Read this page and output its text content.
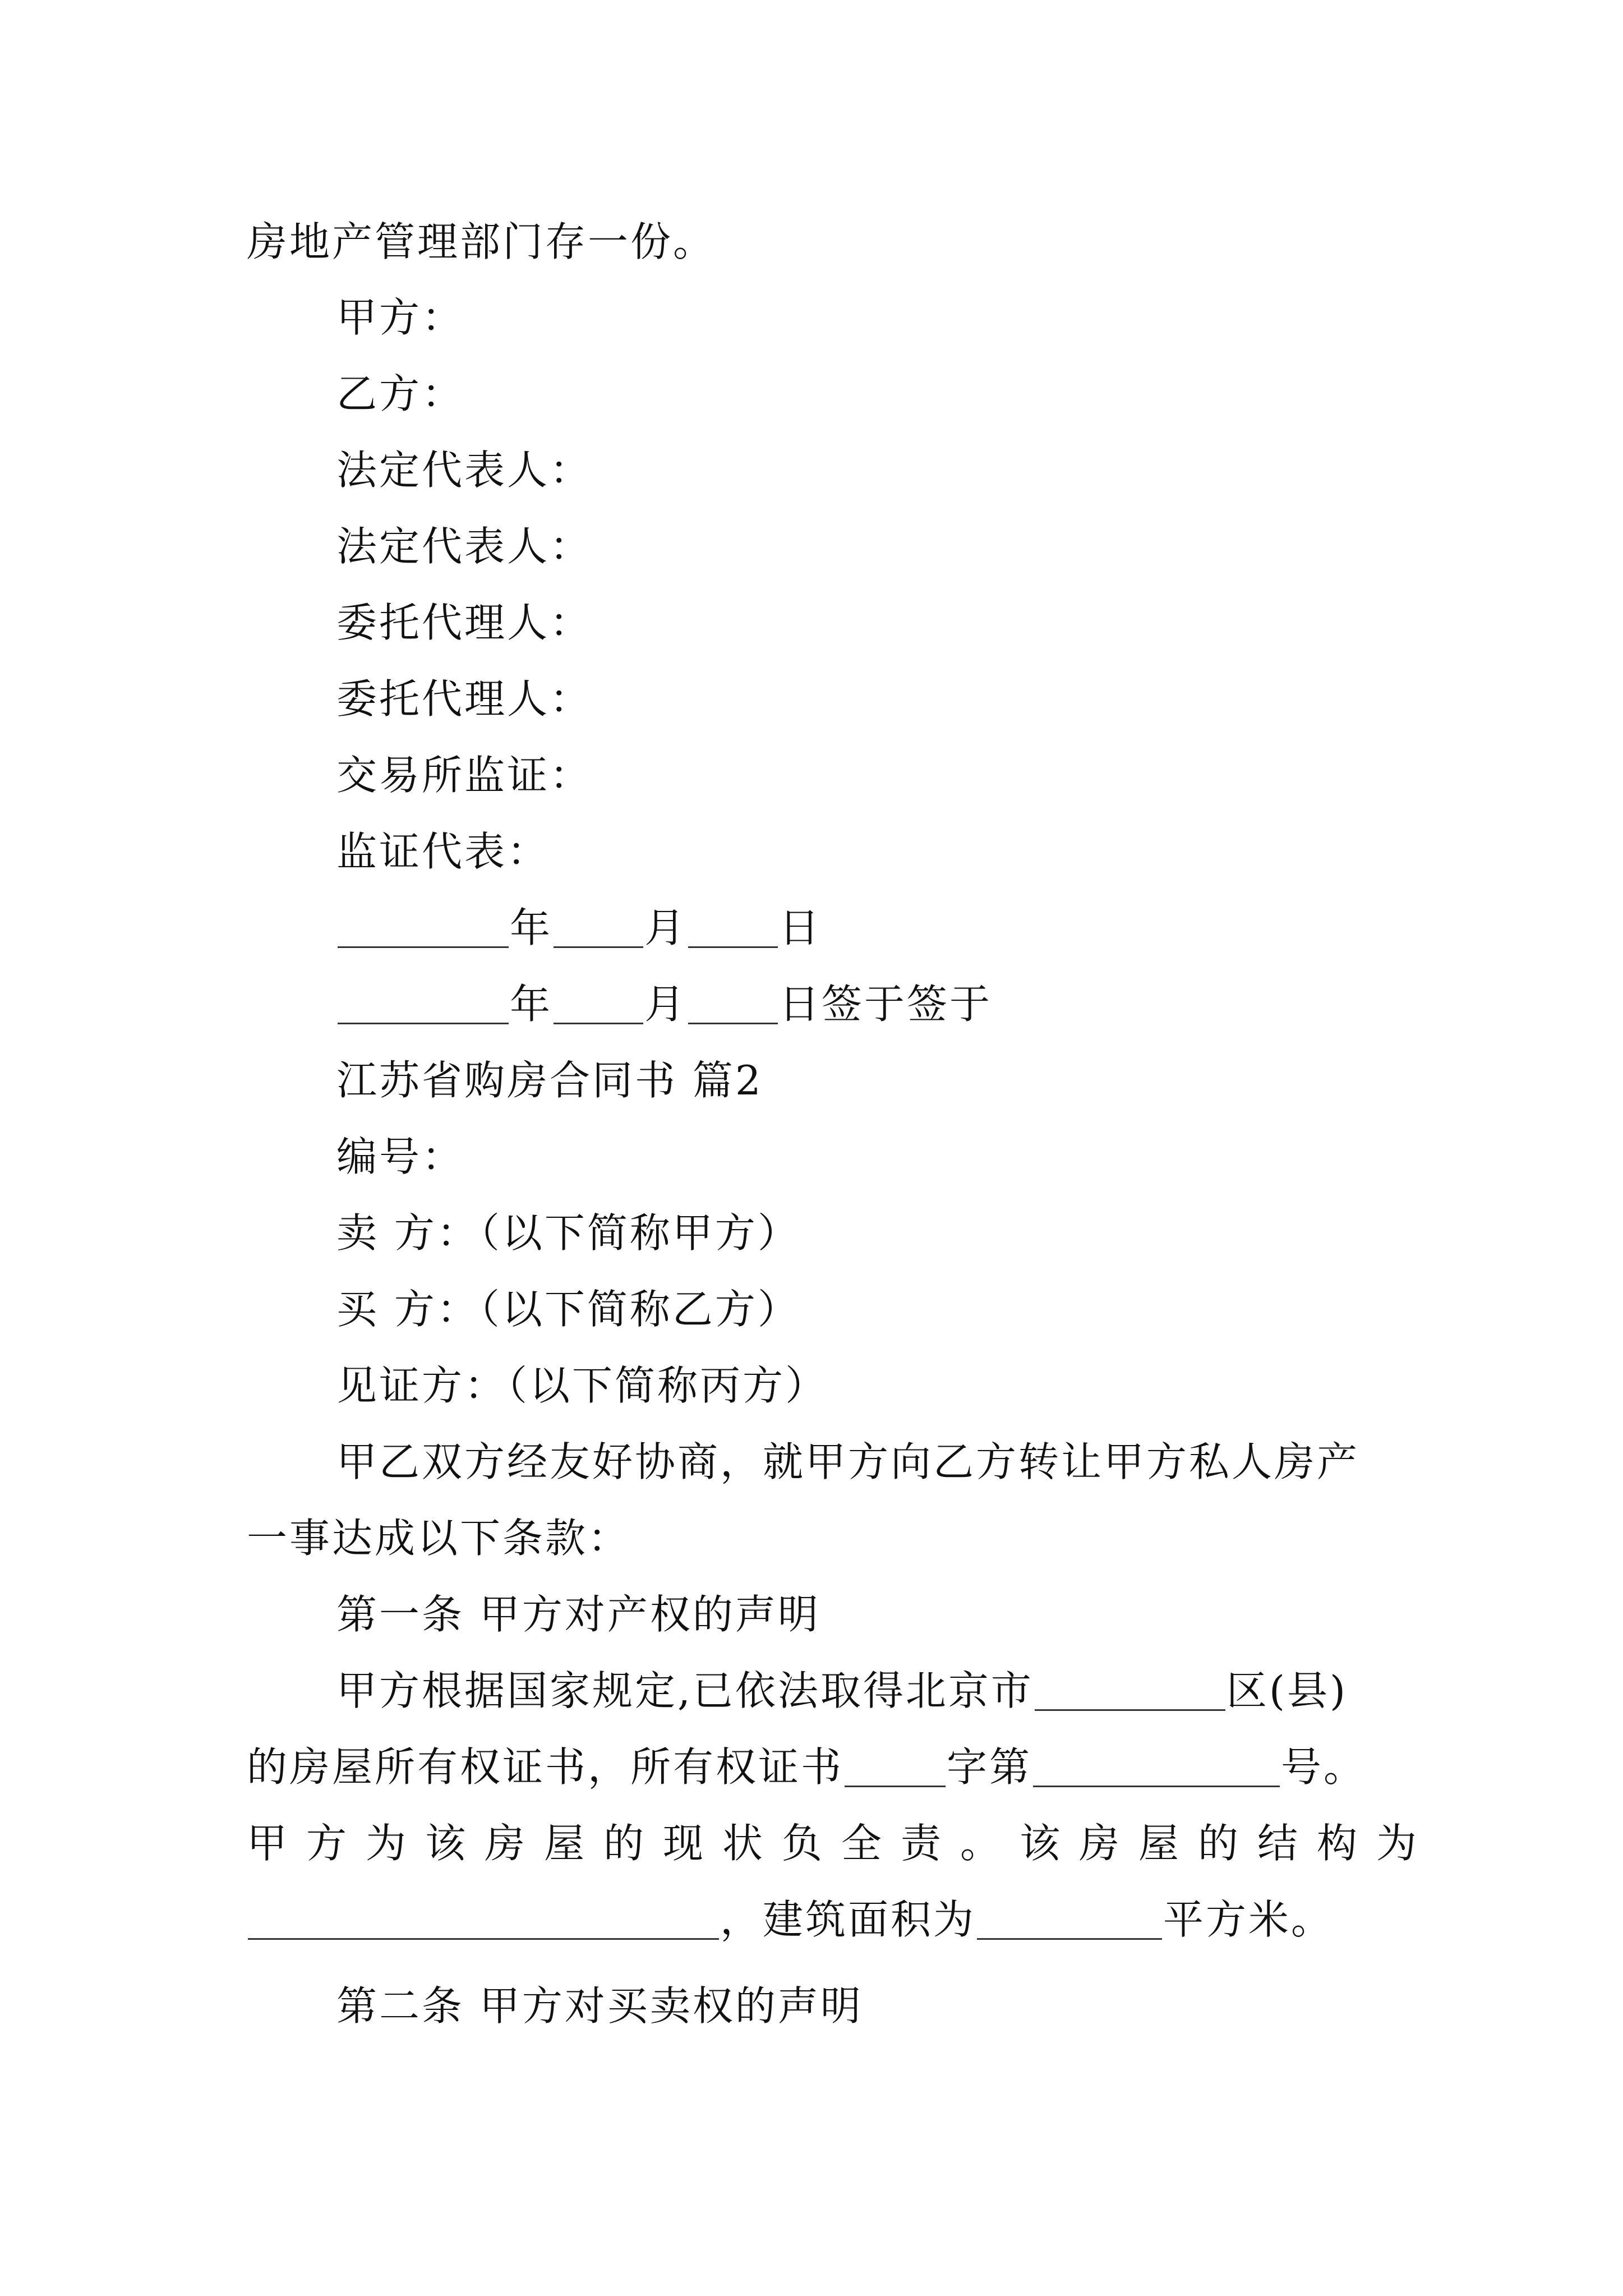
房地产管理部门存一份。
甲方：
乙方：
法定代表人：
法定代表人：
委托代理人：
委托代理人：
交易所监证：
监证代表：
年 月 日
年 月 日签于签于
江苏省购房合同书 篇2
编号：
卖 方：（以下简称甲方）
买 方：（以下简称乙方）
见证方：（以下简称丙方）
甲乙双方经友好协商，就甲方向乙方转让甲方私人房产
一事达成以下条款：
第一条 甲方对产权的声明
甲方根据国家规定,已依法取得北京市	区(县)
的房屋所有权证书，所有权证书	字第	号。
甲方为该房屋的现状负全责。该房屋的结构为
，建筑面积为	平方米。
第二条 甲方对买卖权的声明
